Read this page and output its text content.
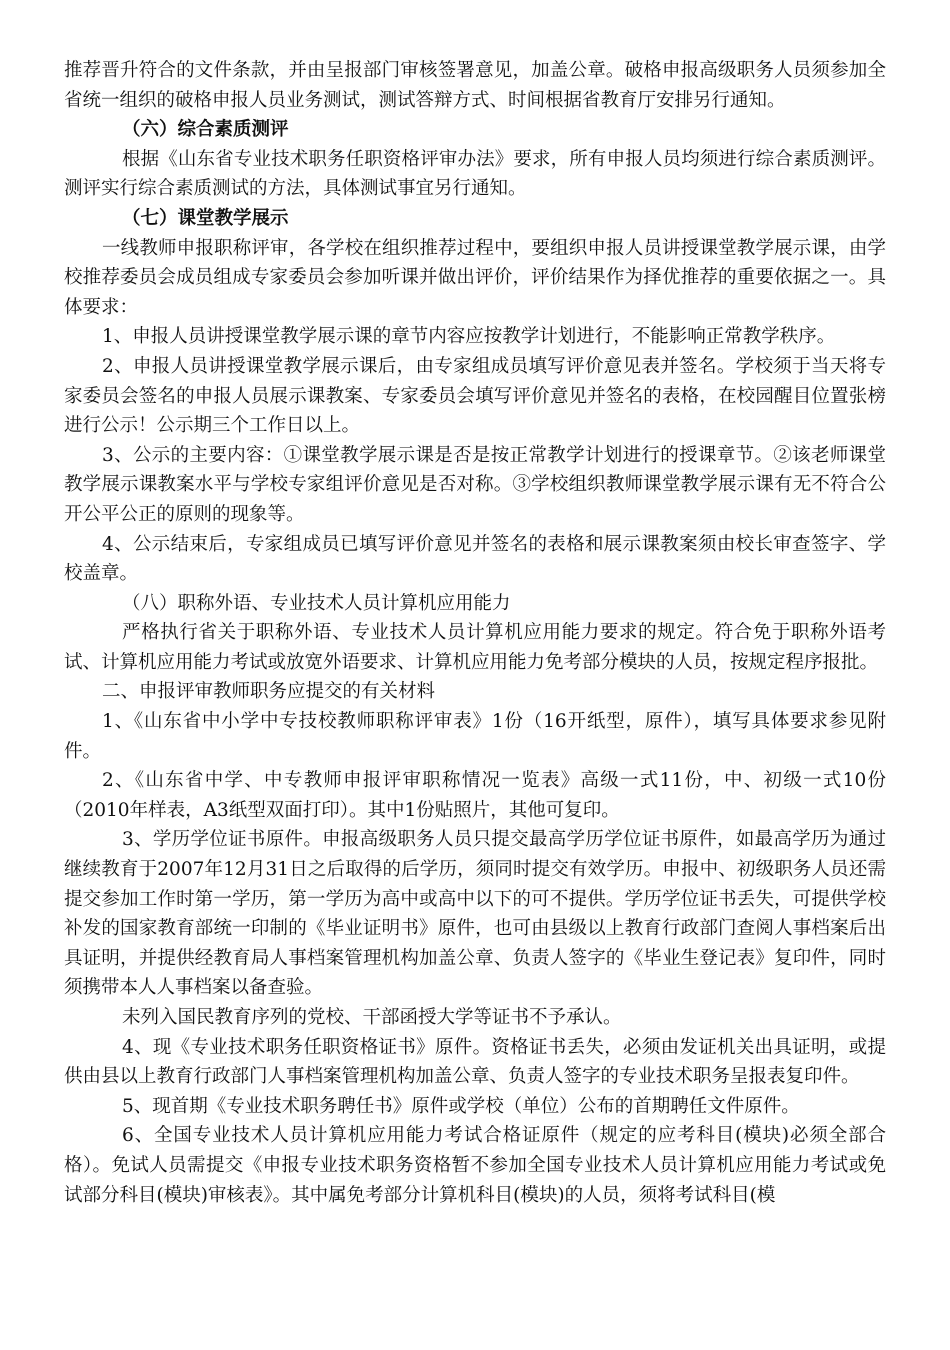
推荐晋升符合的文件条款，并由呈报部门审核签署意见，加盖公章。破格申报高级职务人员须参加全省统一组织的破格申报人员业务测试，测试答辩方式、时间根据省教育厅安排另行通知。

（六）综合素质测评

根据《山东省专业技术职务任职资格评审办法》要求，所有申报人员均须进行综合素质测评。测评实行综合素质测试的方法，具体测试事宜另行通知。

（七）课堂教学展示

一线教师申报职称评审，各学校在组织推荐过程中，要组织申报人员讲授课堂教学展示课，由学校推荐委员会成员组成专家委员会参加听课并做出评价，评价结果作为择优推荐的重要依据之一。具体要求：

1、申报人员讲授课堂教学展示课的章节内容应按教学计划进行，不能影响正常教学秩序。

2、申报人员讲授课堂教学展示课后，由专家组成员填写评价意见表并签名。学校须于当天将专家委员会签名的申报人员展示课教案、专家委员会填写评价意见并签名的表格，在校园醒目位置张榜进行公示！公示期三个工作日以上。

3、公示的主要内容：①课堂教学展示课是否是按正常教学计划进行的授课章节。②该老师课堂教学展示课教案水平与学校专家组评价意见是否对称。③学校组织教师课堂教学展示课有无不符合公开公平公正的原则的现象等。

4、公示结束后，专家组成员已填写评价意见并签名的表格和展示课教案须由校长审查签字、学校盖章。

（八）职称外语、专业技术人员计算机应用能力

严格执行省关于职称外语、专业技术人员计算机应用能力要求的规定。符合免于职称外语考试、计算机应用能力考试或放宽外语要求、计算机应用能力免考部分模块的人员，按规定程序报批。

二、申报评审教师职务应提交的有关材料

1、《山东省中小学中专技校教师职称评审表》1份（16开纸型，原件），填写具体要求参见附件。

2、《山东省中学、中专教师申报评审职称情况一览表》高级一式11份，中、初级一式10份（2010年样表，A3纸型双面打印）。其中1份贴照片，其他可复印。

3、学历学位证书原件。申报高级职务人员只提交最高学历学位证书原件，如最高学历为通过继续教育于2007年12月31日之后取得的后学历，须同时提交有效学历。申报中、初级职务人员还需提交参加工作时第一学历，第一学历为高中或高中以下的可不提供。学历学位证书丢失，可提供学校补发的国家教育部统一印制的《毕业证明书》原件，也可由县级以上教育行政部门查阅人事档案后出具证明，并提供经教育局人事档案管理机构加盖公章、负责人签字的《毕业生登记表》复印件，同时须携带本人人事档案以备查验。

未列入国民教育序列的党校、干部函授大学等证书不予承认。

4、现《专业技术职务任职资格证书》原件。资格证书丢失，必须由发证机关出具证明，或提供由县以上教育行政部门人事档案管理机构加盖公章、负责人签字的专业技术职务呈报表复印件。

5、现首期《专业技术职务聘任书》原件或学校（单位）公布的首期聘任文件原件。

6、全国专业技术人员计算机应用能力考试合格证原件（规定的应考科目(模块)必须全部合格）。免试人员需提交《申报专业技术职务资格暂不参加全国专业技术人员计算机应用能力考试或免试部分科目(模块)审核表》。其中属免考部分计算机科目(模块)的人员，须将考试科目(模
